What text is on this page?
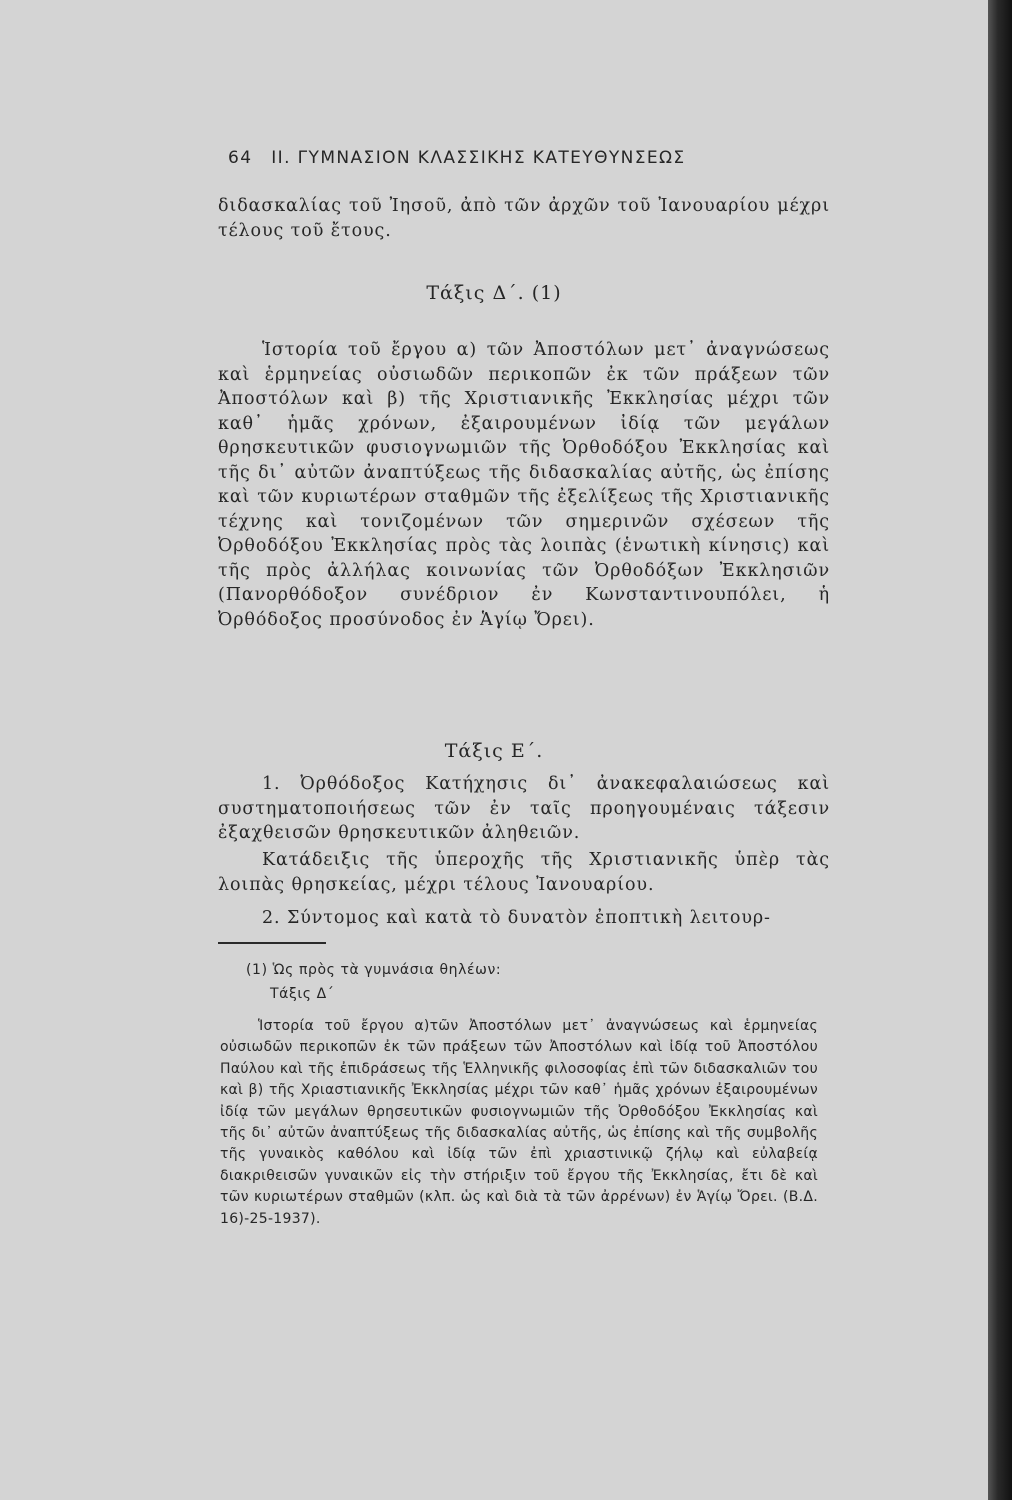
64 ΙΙ. ΓΥΜΝΑΣΙΟΝ ΚΛΑΣΣΙΚΗΣ ΚΑΤΕΥΘΥΝΣΕΩΣ

διδασκαλίας τοῦ Ἰησοῦ, ἀπὸ τῶν ἀρχῶν τοῦ Ἰανουαρίου μέχρι τέλους τοῦ ἔτους.

Τάξις Δ΄. (1)

Ἱστορία τοῦ ἔργου α) τῶν Ἀποστόλων μετ᾽ ἀναγνώσεως καὶ ἑρμηνείας οὐσιωδῶν περικοπῶν ἐκ τῶν πράξεων τῶν Ἀποστόλων καὶ β) τῆς Χριστιανικῆς Ἐκκλησίας μέχρι τῶν καθ᾽ ἡμᾶς χρόνων, ἐξαιρουμένων ἰδίᾳ τῶν μεγάλων θρησκευτικῶν φυσιογνωμιῶν τῆς Ὀρθοδόξου Ἐκκλησίας καὶ τῆς δι᾽ αὐτῶν ἀναπτύξεως τῆς διδασκαλίας αὐτῆς, ὡς ἐπίσης καὶ τῶν κυριωτέρων σταθμῶν τῆς ἐξελίξεως τῆς Χριστιανικῆς τέχνης καὶ τονιζομένων τῶν σημερινῶν σχέσεων τῆς Ὀρθοδόξου Ἐκκλησίας πρὸς τὰς λοιπὰς (ἑνωτικὴ κίνησις) καὶ τῆς πρὸς ἀλλήλας κοινωνίας τῶν Ὀρθοδόξων Ἐκκλησιῶν (Πανορθόδοξον συνέδριον ἐν Κωνσταντινουπόλει, ἡ Ὀρθόδοξος προσύνοδος ἐν Ἁγίῳ Ὄρει).

Τάξις Ε΄.

1. Ὀρθόδοξος Κατήχησις δι᾽ ἀνακεφαλαιώσεως καὶ συστηματοποιήσεως τῶν ἐν ταῖς προηγουμέναις τάξεσιν ἐξαχθεισῶν θρησκευτικῶν ἀληθειῶν.

Κατάδειξις τῆς ὑπεροχῆς τῆς Χριστιανικῆς ὑπὲρ τὰς λοιπὰς θρησκείας, μέχρι τέλους Ἰανουαρίου.

2. Σύντομος καὶ κατὰ τὸ δυνατὸν ἐποπτικὴ λειτουρ-

(1) Ὡς πρὸς τὰ γυμνάσια θηλέων:

Τάξις Δ΄

Ἱστορία τοῦ ἔργου α)τῶν Ἀποστόλων μετ᾽ ἀναγνώσεως καὶ ἑρμηνείας οὐσιωδῶν περικοπῶν ἐκ τῶν πράξεων τῶν Ἀποστόλων καὶ ἰδίᾳ τοῦ Ἀποστόλου Παύλου καὶ τῆς ἐπιδράσεως τῆς Ἑλληνικῆς φιλοσοφίας ἐπὶ τῶν διδασκαλιῶν του καὶ β) τῆς Χριαστιανικῆς Ἐκκλησίας μέχρι τῶν καθ᾽ ἡμᾶς χρόνων ἐξαιρουμένων ἰδίᾳ τῶν μεγάλων θρησευτικῶν φυσιογνωμιῶν τῆς Ὀρθοδόξου Ἐκκλησίας καὶ τῆς δι᾽ αὐτῶν ἀναπτύξεως τῆς διδασκαλίας αὐτῆς, ὡς ἐπίσης καὶ τῆς συμβολῆς τῆς γυναικὸς καθόλου καὶ ἰδίᾳ τῶν ἐπὶ χριαστινικῷ ζήλῳ καὶ εὐλαβείᾳ διακριθεισῶν γυναικῶν εἰς τὴν στήριξιν τοῦ ἔργου τῆς Ἐκκλησίας, ἔτι δὲ καὶ τῶν κυριωτέρων σταθμῶν (κλπ. ὡς καὶ διὰ τὰ τῶν ἀρρένων) ἐν Ἁγίῳ Ὄρει. (Β.Δ. 16)-25-1937).
